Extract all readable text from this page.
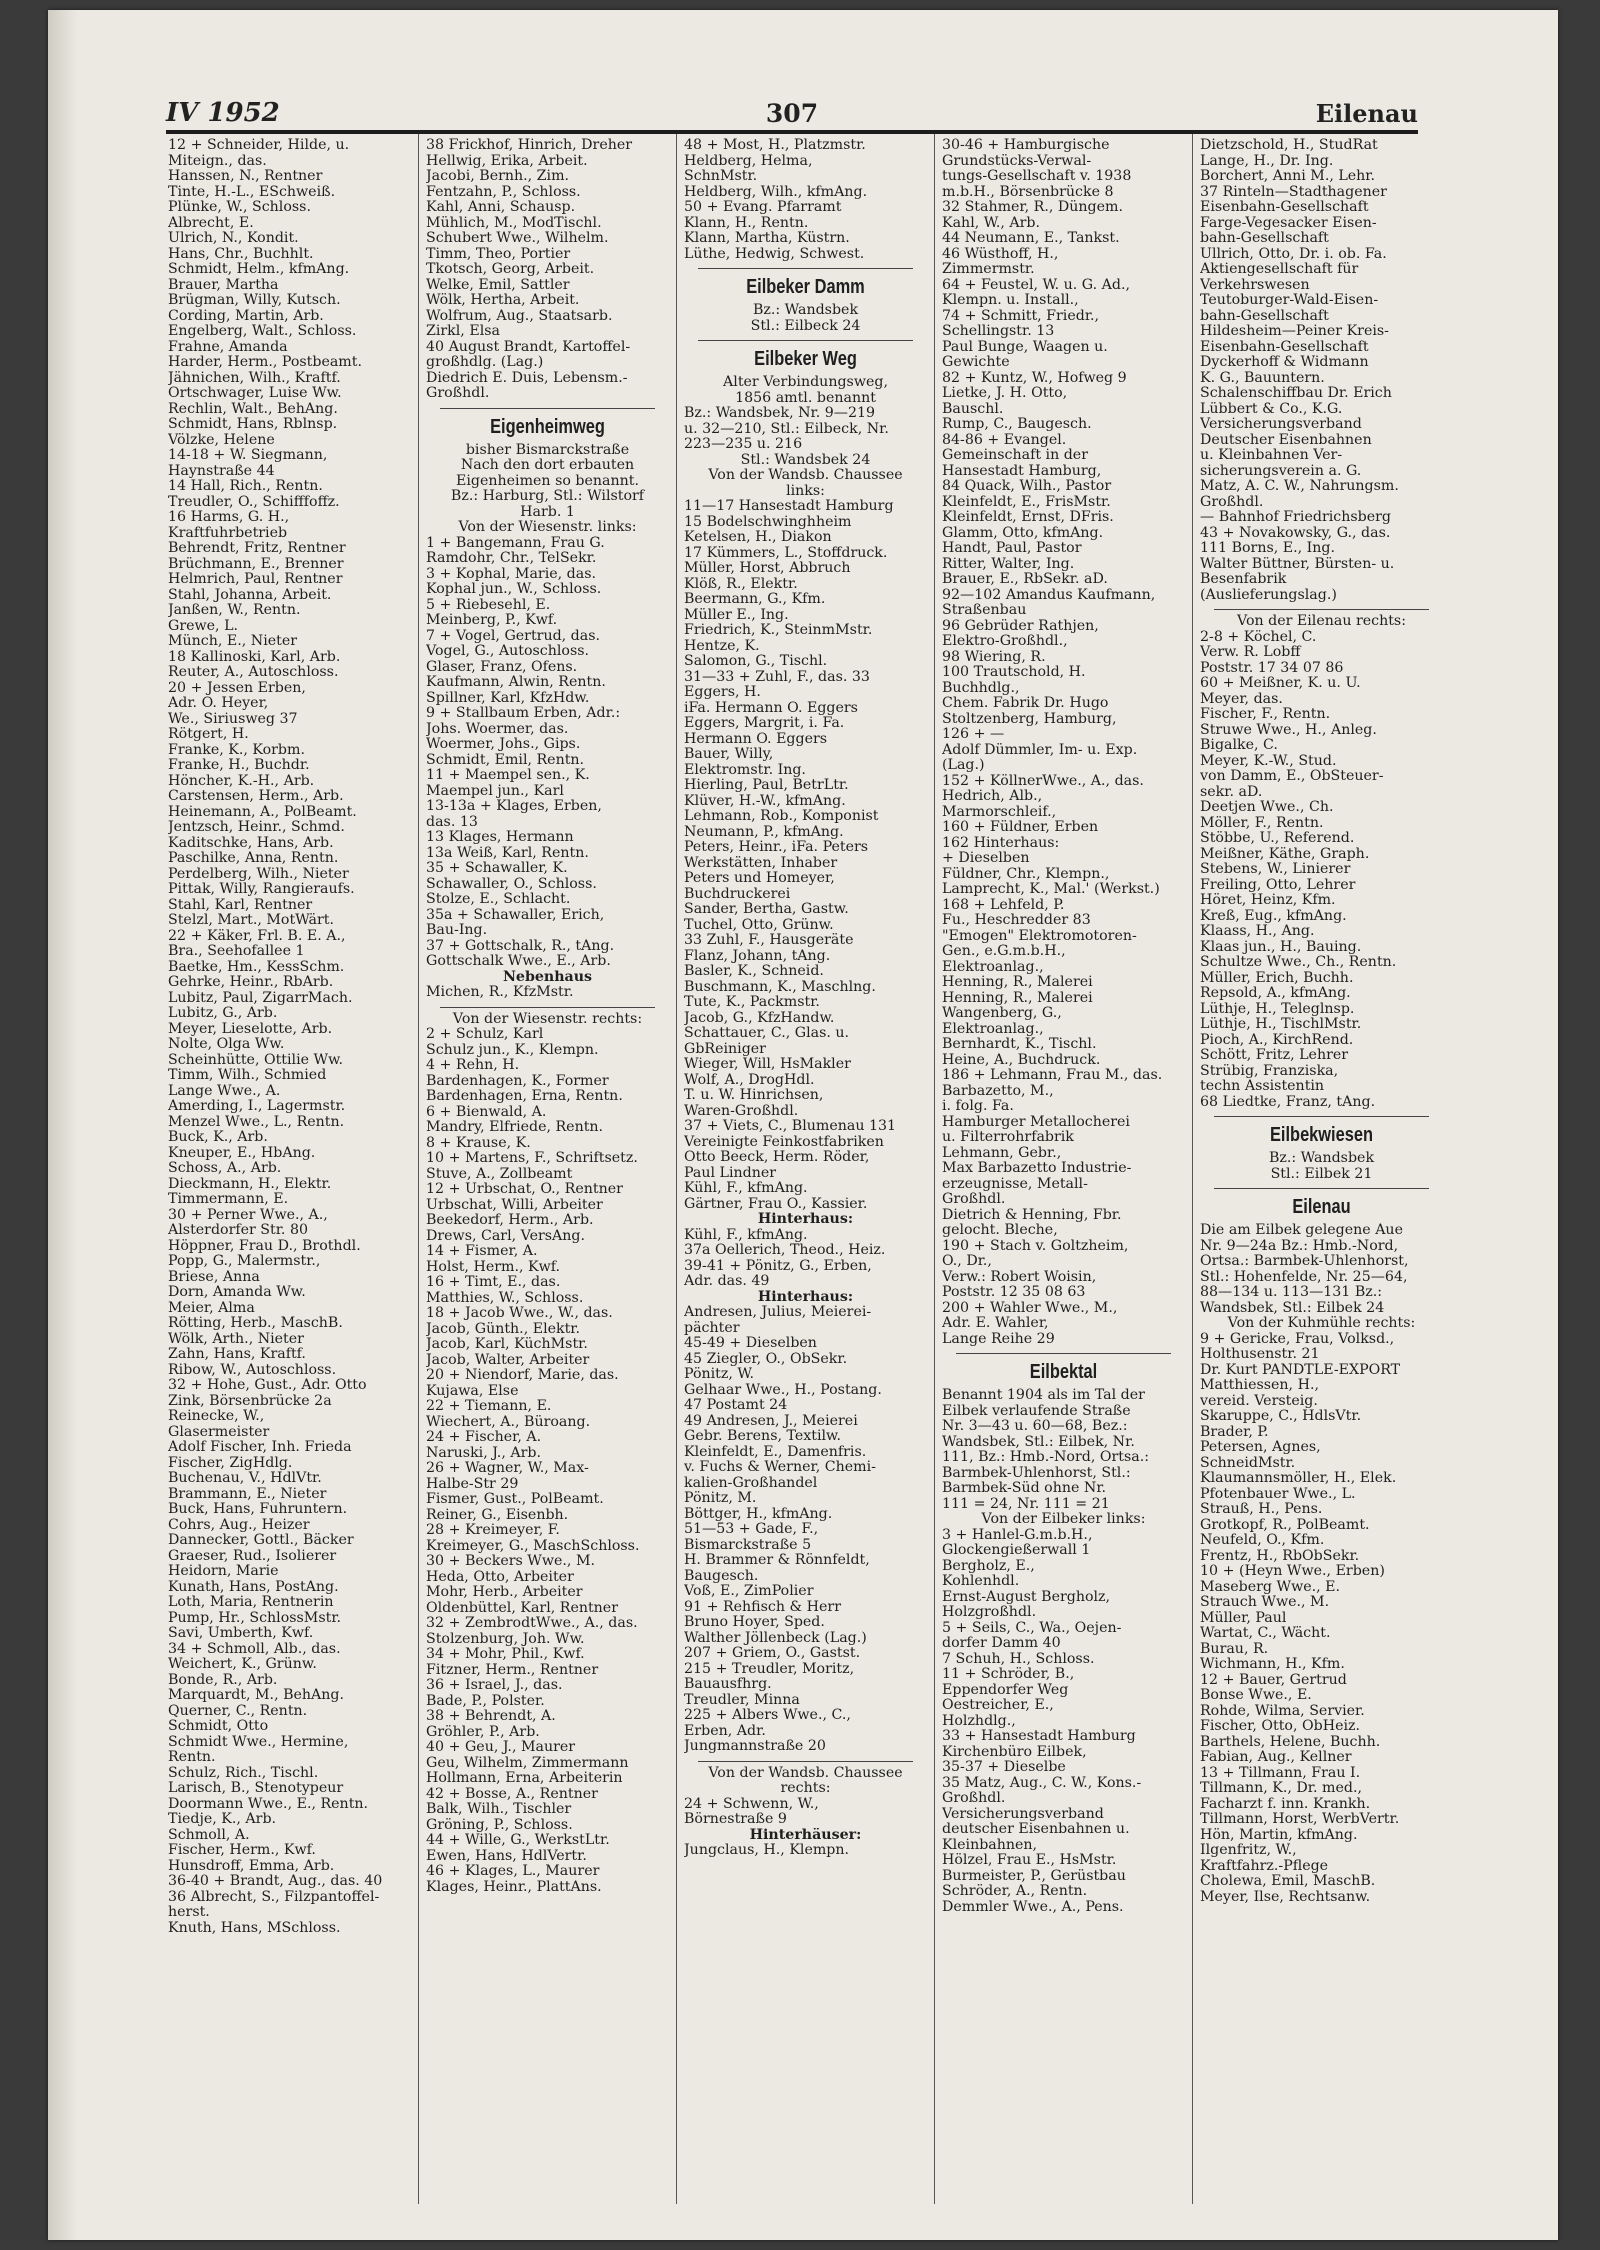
IV 1952	307	Eilenau
12 + Schneider, Hilde, u.
Miteign., das.
Hanssen, N., Rentner
Tinte, H.-L., ESchweiß.
Plünke, W., Schloss.
Albrecht, E.
Ulrich, N., Kondit.
Hans, Chr., Buchhlt.
Schmidt, Helm., kfmAng.
Brauer, Martha
Brügman, Willy, Kutsch.
Cording, Martin, Arb.
Engelberg, Walt., Schloss.
Frahne, Amanda
Harder, Herm., Postbeamt.
Jähnichen, Wilh., Kraftf.
Ortschwager, Luise Ww.
Rechlin, Walt., BehAng.
Schmidt, Hans, Rblnsp.
Völzke, Helene
14-18 + W. Siegmann,
Haynstraße 44
14 Hall, Rich., Rentn.
Treudler, O., Schifffoffz.
16 Harms, G. H.,
Kraftfuhrbetrieb
Behrendt, Fritz, Rentner
Brüchmann, E., Brenner
Helmrich, Paul, Rentner
Stahl, Johanna, Arbeit.
Janßen, W., Rentn.
Grewe, L.
Münch, E., Nieter
18 Kallinoski, Karl, Arb.
Reuter, A., Autoschloss.
20 + Jessen Erben,
Adr. O. Heyer,
We., Siriusweg 37
Rötgert, H.
Franke, K., Korbm.
Franke, H., Buchdr.
Höncher, K.-H., Arb.
Carstensen, Herm., Arb.
Heinemann, A., PolBeamt.
Jentzsch, Heinr., Schmd.
Kaditschke, Hans, Arb.
Paschilke, Anna, Rentn.
Perdelberg, Wilh., Nieter
Pittak, Willy, Rangieraufs.
Stahl, Karl, Rentner
Stelzl, Mart., MotWärt.
22 + Käker, Frl. B. E. A.,
Bra., Seehofallee 1
Baetke, Hm., KessSchm.
Gehrke, Heinr., RbArb.
Lubitz, Paul, ZigarrMach.
Lubitz, G., Arb.
Meyer, Lieselotte, Arb.
Nolte, Olga Ww.
Scheinhütte, Ottilie Ww.
Timm, Wilh., Schmied
Lange Wwe., A.
Amerding, I., Lagermstr.
Menzel Wwe., L., Rentn.
Buck, K., Arb.
Kneuper, E., HbAng.
Schoss, A., Arb.
Dieckmann, H., Elektr.
Timmermann, E.
30 + Perner Wwe., A.,
Alsterdorfer Str. 80
Höppner, Frau D., Brothdl.
Popp, G., Malermstr.,
Briese, Anna
Dorn, Amanda Ww.
Meier, Alma
Rötting, Herb., MaschB.
Wölk, Arth., Nieter
Zahn, Hans, Kraftf.
Ribow, W., Autoschloss.
32 + Hohe, Gust., Adr. Otto
Zink, Börsenbrücke 2a
Reinecke, W.,
Glasermeister
Adolf Fischer, Inh. Frieda
Fischer, ZigHdlg.
Buchenau, V., HdlVtr.
Brammann, E., Nieter
Buck, Hans, Fuhruntern.
Cohrs, Aug., Heizer
Dannecker, Gottl., Bäcker
Graeser, Rud., Isolierer
Heidorn, Marie
Kunath, Hans, PostAng.
Loth, Maria, Rentnerin
Pump, Hr., SchlossMstr.
Savi, Umberth, Kwf.
34 + Schmoll, Alb., das.
Weichert, K., Grünw.
Bonde, R., Arb.
Marquardt, M., BehAng.
Querner, C., Rentn.
Schmidt, Otto
Schmidt Wwe., Hermine,
Rentn.
Schulz, Rich., Tischl.
Larisch, B., Stenotypeur
Doormann Wwe., E., Rentn.
Tiedje, K., Arb.
Schmoll, A.
Fischer, Herm., Kwf.
Hunsdroff, Emma, Arb.
36-40 + Brandt, Aug., das. 40
36 Albrecht, S., Filzpantoffel-
herst.
Knuth, Hans, MSchloss.
38 Frickhof, Hinrich, Dreher
Hellwig, Erika, Arbeit.
Jacobi, Bernh., Zim.
Fentzahn, P., Schloss.
Kahl, Anni, Schausp.
Mühlich, M., ModTischl.
Schubert Wwe., Wilhelm.
Timm, Theo, Portier
Tkotsch, Georg, Arbeit.
Welke, Emil, Sattler
Wölk, Hertha, Arbeit.
Wolfrum, Aug., Staatsarb.
Zirkl, Elsa
40 August Brandt, Kartoffel-
großhdlg. (Lag.)
Diedrich E. Duis, Lebensm.-
Großhdl.
Eigenheimweg
bisher Bismarckstraße
Nach den dort erbauten
Eigenheimen so benannt.
Bz.: Harburg, Stl.: Wilstorf
Harb. 1
Von der Wiesenstr. links:
1 + Bangemann, Frau G.
Ramdohr, Chr., TelSekr.
3 + Kophal, Marie, das.
Kophal jun., W., Schloss.
5 + Riebesehl, E.
Meinberg, P., Kwf.
7 + Vogel, Gertrud, das.
Vogel, G., Autoschloss.
Glaser, Franz, Ofens.
Kaufmann, Alwin, Rentn.
Spillner, Karl, KfzHdw.
9 + Stallbaum Erben, Adr.:
Johs. Woermer, das.
Woermer, Johs., Gips.
Schmidt, Emil, Rentn.
11 + Maempel sen., K.
Maempel jun., Karl
13-13a + Klages, Erben,
das. 13
13 Klages, Hermann
13a Weiß, Karl, Rentn.
35 + Schawaller, K.
Schawaller, O., Schloss.
Stolze, E., Schlacht.
35a + Schawaller, Erich,
Bau-Ing.
37 + Gottschalk, R., tAng.
Gottschalk Wwe., E., Arb.
Nebenhaus
Michen, R., KfzMstr.
Von der Wiesenstr. rechts:
2 + Schulz, Karl
Schulz jun., K., Klempn.
4 + Rehn, H.
Bardenhagen, K., Former
Bardenhagen, Erna, Rentn.
6 + Bienwald, A.
Mandry, Elfriede, Rentn.
8 + Krause, K.
10 + Martens, F., Schriftsetz.
Stuve, A., Zollbeamt
12 + Urbschat, O., Rentner
Urbschat, Willi, Arbeiter
Beekedorf, Herm., Arb.
Drews, Carl, VersAng.
14 + Fismer, A.
Holst, Herm., Kwf.
16 + Timt, E., das.
Matthies, W., Schloss.
18 + Jacob Wwe., W., das.
Jacob, Günth., Elektr.
Jacob, Karl, KüchMstr.
Jacob, Walter, Arbeiter
20 + Niendorf, Marie, das.
Kujawa, Else
22 + Tiemann, E.
Wiechert, A., Büroang.
24 + Fischer, A.
Naruski, J., Arb.
26 + Wagner, W., Max-
Halbe-Str 29
Fismer, Gust., PolBeamt.
Reiner, G., Eisenbh.
28 + Kreimeyer, F.
Kreimeyer, G., MaschSchloss.
30 + Beckers Wwe., M.
Heda, Otto, Arbeiter
Mohr, Herb., Arbeiter
Oldenbüttel, Karl, Rentner
32 + ZembrodtWwe., A., das.
Stolzenburg, Joh. Ww.
34 + Mohr, Phil., Kwf.
Fitzner, Herm., Rentner
36 + Israel, J., das.
Bade, P., Polster.
38 + Behrendt, A.
Gröhler, P., Arb.
40 + Geu, J., Maurer
Geu, Wilhelm, Zimmermann
Hollmann, Erna, Arbeiterin
42 + Bosse, A., Rentner
Balk, Wilh., Tischler
Gröning, P., Schloss.
44 + Wille, G., WerkstLtr.
Ewen, Hans, HdlVertr.
46 + Klages, L., Maurer
Klages, Heinr., PlattAns.
48 + Most, H., Platzmstr.
Heldberg, Helma,
SchnMstr.
Heldberg, Wilh., kfmAng.
50 + Evang. Pfarramt
Klann, H., Rentn.
Klann, Martha, Küstrn.
Lüthe, Hedwig, Schwest.
Eilbeker Damm
Bz.: Wandsbek
Stl.: Eilbeck 24
Eilbeker Weg
Alter Verbindungsweg,
1856 amtl. benannt
Bz.: Wandsbek, Nr. 9—219
u. 32—210, Stl.: Eilbeck, Nr.
223—235 u. 216
Stl.: Wandsbek 24
Von der Wandsb. Chaussee
links:
11—17 Hansestadt Hamburg
15 Bodelschwinghheim
Ketelsen, H., Diakon
17 Kümmers, L., Stoffdruck.
Müller, Horst, Abbruch
Klöß, R., Elektr.
Beermann, G., Kfm.
Müller E., Ing.
Friedrich, K., SteinmMstr.
Hentze, K.
Salomon, G., Tischl.
31—33 + Zuhl, F., das. 33
Eggers, H.
iFa. Hermann O. Eggers
Eggers, Margrit, i. Fa.
Hermann O. Eggers
Bauer, Willy,
Elektromstr. Ing.
Hierling, Paul, BetrLtr.
Klüver, H.-W., kfmAng.
Lehmann, Rob., Komponist
Neumann, P., kfmAng.
Peters, Heinr., iFa. Peters
Werkstätten, Inhaber
Peters und Homeyer,
Buchdruckerei
Sander, Bertha, Gastw.
Tuchel, Otto, Grünw.
33 Zuhl, F., Hausgeräte
Flanz, Johann, tAng.
Basler, K., Schneid.
Buschmann, K., Maschlng.
Tute, K., Packmstr.
Jacob, G., KfzHandw.
Schattauer, C., Glas. u.
GbReiniger
Wieger, Will, HsMakler
Wolf, A., DrogHdl.
T. u. W. Hinrichsen,
Waren-Großhdl.
37 + Viets, C., Blumenau 131
Vereinigte Feinkostfabriken
Otto Beeck, Herm. Röder,
Paul Lindner
Kühl, F., kfmAng.
Gärtner, Frau O., Kassier.
Hinterhaus:
Kühl, F., kfmAng.
37a Oellerich, Theod., Heiz.
39-41 + Pönitz, G., Erben,
Adr. das. 49
Hinterhaus:
Andresen, Julius, Meierei-
pächter
45-49 + Dieselben
45 Ziegler, O., ObSekr.
Pönitz, W.
Gelhaar Wwe., H., Postang.
47 Postamt 24
49 Andresen, J., Meierei
Gebr. Berens, Textilw.
Kleinfeldt, E., Damenfris.
v. Fuchs & Werner, Chemi-
kalien-Großhandel
Pönitz, M.
Böttger, H., kfmAng.
51—53 + Gade, F.,
Bismarckstraße 5
H. Brammer & Rönnfeldt,
Baugesch.
Voß, E., ZimPolier
91 + Rehfisch & Herr
Bruno Hoyer, Sped.
Walther Jöllenbeck (Lag.)
207 + Griem, O., Gastst.
215 + Treudler, Moritz,
Bauausfhrg.
Treudler, Minna
225 + Albers Wwe., C.,
Erben, Adr.
Jungmannstraße 20
Von der Wandsb. Chaussee
rechts:
24 + Schwenn, W.,
Börnestraße 9
Hinterhäuser:
Jungclaus, H., Klempn.
30-46 + Hamburgische
Grundstücks-Verwal-
tungs-Gesellschaft v. 1938
m.b.H., Börsenbrücke 8
32 Stahmer, R., Düngem.
Kahl, W., Arb.
44 Neumann, E., Tankst.
46 Wüsthoff, H.,
Zimmermstr.
64 + Feustel, W. u. G. Ad.,
Klempn. u. Install.,
74 + Schmitt, Friedr.,
Schellingstr. 13
Paul Bunge, Waagen u.
Gewichte
82 + Kuntz, W., Hofweg 9
Lietke, J. H. Otto,
Bauschl.
Rump, C., Baugesch.
84-86 + Evangel.
Gemeinschaft in der
Hansestadt Hamburg,
84 Quack, Wilh., Pastor
Kleinfeldt, E., FrisMstr.
Kleinfeldt, Ernst, DFris.
Glamm, Otto, kfmAng.
Handt, Paul, Pastor
Ritter, Walter, Ing.
Brauer, E., RbSekr. aD.
92—102 Amandus Kaufmann,
Straßenbau
96 Gebrüder Rathjen,
Elektro-Großhdl.,
98 Wiering, R.
100 Trautschold, H.
Buchhdlg.,
Chem. Fabrik Dr. Hugo
Stoltzenberg, Hamburg,
126 + —
Adolf Dümmler, Im- u. Exp.
(Lag.)
152 + KöllnerWwe., A., das.
Hedrich, Alb.,
Marmorschleif.,
160 + Füldner, Erben
162 Hinterhaus:
+ Dieselben
Füldner, Chr., Klempn.,
Lamprecht, K., Mal.' (Werkst.)
168 + Lehfeld, P.
Fu., Heschredder 83
"Emogen" Elektromotoren-
Gen., e.G.m.b.H.,
Elektroanlag.,
Henning, R., Malerei
Henning, R., Malerei
Wangenberg, G.,
Elektroanlag.,
Bernhardt, K., Tischl.
Heine, A., Buchdruck.
186 + Lehmann, Frau M., das.
Barbazetto, M.,
i. folg. Fa.
Hamburger Metallocherei
u. Filterrohrfabrik
Lehmann, Gebr.,
Max Barbazetto Industrie-
erzeugnisse, Metall-
Großhdl.
Dietrich & Henning, Fbr.
gelocht. Bleche,
190 + Stach v. Goltzheim,
O., Dr.,
Verw.: Robert Woisin,
Poststr. 12 35 08 63
200 + Wahler Wwe., M.,
Adr. E. Wahler,
Lange Reihe 29
Eilbektal
Benannt 1904 als im Tal der
Eilbek verlaufende Straße
Nr. 3—43 u. 60—68, Bez.:
Wandsbek, Stl.: Eilbek, Nr.
111, Bz.: Hmb.-Nord, Ortsa.:
Barmbek-Uhlenhorst, Stl.:
Barmbek-Süd ohne Nr.
111 = 24, Nr. 111 = 21
Von der Eilbeker links:
3 + Hanlel-G.m.b.H.,
Glockengießerwall 1
Bergholz, E.,
Kohlenhdl.
Ernst-August Bergholz,
Holzgroßhdl.
5 + Seils, C., Wa., Oejen-
dorfer Damm 40
7 Schuh, H., Schloss.
11 + Schröder, B.,
Eppendorfer Weg
Oestreicher, E.,
Holzhdlg.,
33 + Hansestadt Hamburg
Kirchenbüro Eilbek,
35-37 + Dieselbe
35 Matz, Aug., C. W., Kons.-
Großhdl.
Versicherungsverband
deutscher Eisenbahnen u.
Kleinbahnen,
Hölzel, Frau E., HsMstr.
Burmeister, P., Gerüstbau
Schröder, A., Rentn.
Demmler Wwe., A., Pens.
Dietzschold, H., StudRat
Lange, H., Dr. Ing.
Borchert, Anni M., Lehr.
37 Rinteln—Stadthagener
Eisenbahn-Gesellschaft
Farge-Vegesacker Eisen-
bahn-Gesellschaft
Ullrich, Otto, Dr. i. ob. Fa.
Aktiengesellschaft für
Verkehrswesen
Teutoburger-Wald-Eisen-
bahn-Gesellschaft
Hildesheim—Peiner Kreis-
Eisenbahn-Gesellschaft
Dyckerhoff & Widmann
K. G., Bauuntern.
Schalenschiffbau Dr. Erich
Lübbert & Co., K.G.
Versicherungsverband
Deutscher Eisenbahnen
u. Kleinbahnen Ver-
sicherungsverein a. G.
Matz, A. C. W., Nahrungsm.
Großhdl.
— Bahnhof Friedrichsberg
43 + Novakowsky, G., das.
111 Borns, E., Ing.
Walter Büttner, Bürsten- u.
Besenfabrik
(Auslieferungslag.)
Von der Eilenau rechts:
2-8 + Köchel, C.
Verw. R. Lobff
Poststr. 17 34 07 86
60 + Meißner, K. u. U.
Meyer, das.
Fischer, F., Rentn.
Struwe Wwe., H., Anleg.
Bigalke, C.
Meyer, K.-W., Stud.
von Damm, E., ObSteuer-
sekr. aD.
Deetjen Wwe., Ch.
Möller, F., Rentn.
Stöbbe, U., Referend.
Meißner, Käthe, Graph.
Stebens, W., Linierer
Freiling, Otto, Lehrer
Höret, Heinz, Kfm.
Kreß, Eug., kfmAng.
Klaass, H., Ang.
Klaas jun., H., Bauing.
Schultze Wwe., Ch., Rentn.
Müller, Erich, Buchh.
Repsold, A., kfmAng.
Lüthje, H., Teleglnsp.
Lüthje, H., TischlMstr.
Pioch, A., KirchRend.
Schött, Fritz, Lehrer
Strübig, Franziska,
techn Assistentin
68 Liedtke, Franz, tAng.
Eilbekwiesen
Bz.: Wandsbek
Stl.: Eilbek 21
Eilenau
Die am Eilbek gelegene Aue
Nr. 9—24a Bz.: Hmb.-Nord,
Ortsa.: Barmbek-Uhlenhorst,
Stl.: Hohenfelde, Nr. 25—64,
88—134 u. 113—131 Bz.:
Wandsbek, Stl.: Eilbek 24
Von der Kuhmühle rechts:
9 + Gericke, Frau, Volksd.,
Holthusenstr. 21
Dr. Kurt PANDTLE-EXPORT
Matthiessen, H.,
vereid. Versteig.
Skaruppe, C., HdlsVtr.
Brader, P.
Petersen, Agnes,
SchneidMstr.
Klaumannsmöller, H., Elek.
Pfotenbauer Wwe., L.
Strauß, H., Pens.
Grotkopf, R., PolBeamt.
Neufeld, O., Kfm.
Frentz, H., RbObSekr.
10 + (Heyn Wwe., Erben)
Maseberg Wwe., E.
Strauch Wwe., M.
Müller, Paul
Wartat, C., Wächt.
Burau, R.
Wichmann, H., Kfm.
12 + Bauer, Gertrud
Bonse Wwe., E.
Rohde, Wilma, Servier.
Fischer, Otto, ObHeiz.
Barthels, Helene, Buchh.
Fabian, Aug., Kellner
13 + Tillmann, Frau I.
Tillmann, K., Dr. med.,
Facharzt f. inn. Krankh.
Tillmann, Horst, WerbVertr.
Hön, Martin, kfmAng.
Ilgenfritz, W.,
Kraftfahrz.-Pflege
Cholewa, Emil, MaschB.
Meyer, Ilse, Rechtsanw.
